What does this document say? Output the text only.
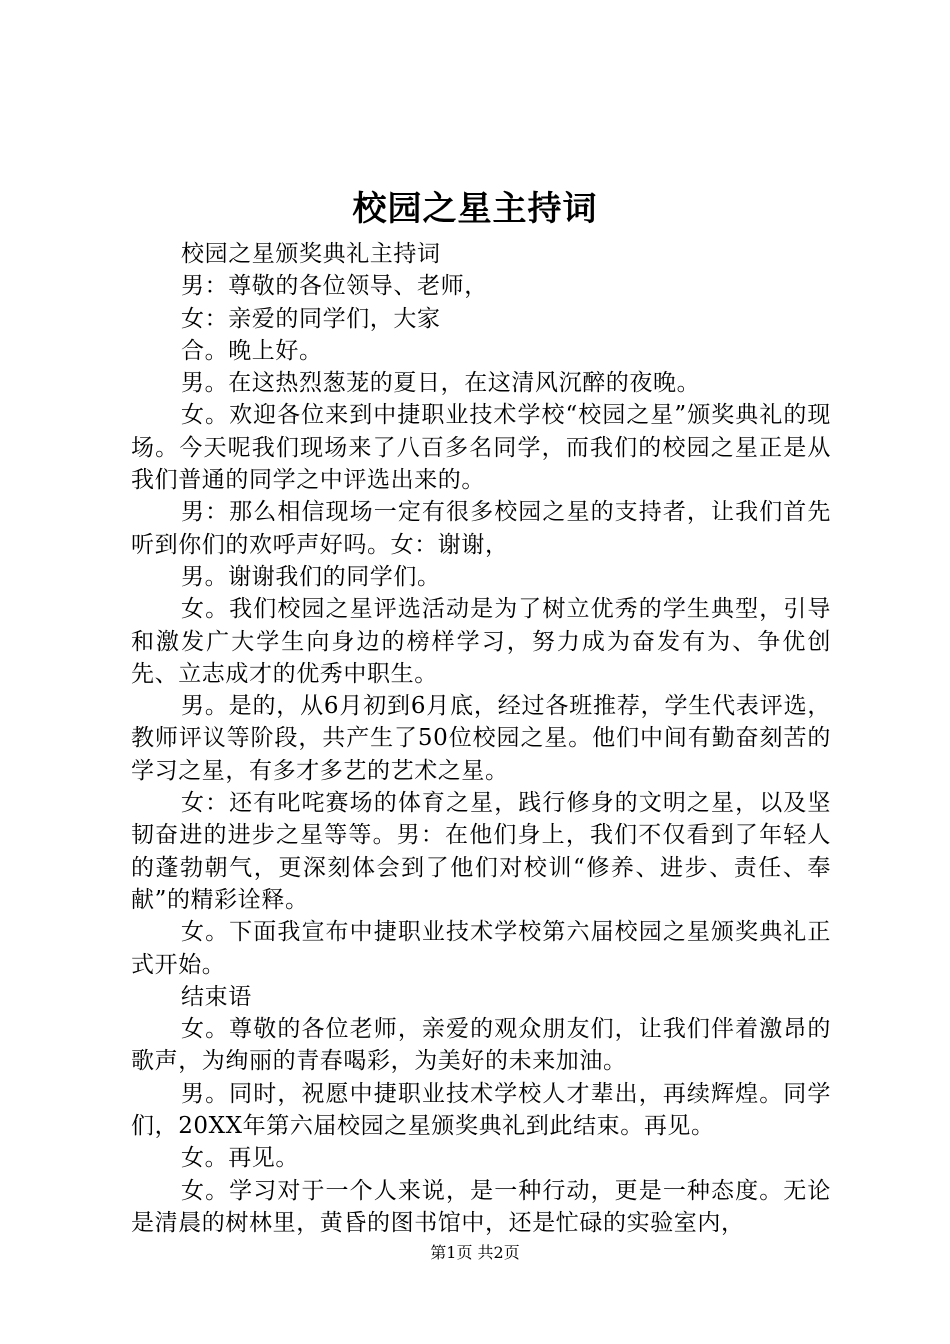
校园之星主持词

校园之星颁奖典礼主持词

男：尊敬的各位领导、老师，

女：亲爱的同学们，大家

合。晚上好。

男。在这热烈葱茏的夏日，在这清风沉醉的夜晚。

女。欢迎各位来到中捷职业技术学校“校园之星”颁奖典礼的现场。今天呢我们现场来了八百多名同学，而我们的校园之星正是从我们普通的同学之中评选出来的。

男：那么相信现场一定有很多校园之星的支持者，让我们首先听到你们的欢呼声好吗。女：谢谢，

男。谢谢我们的同学们。

女。我们校园之星评选活动是为了树立优秀的学生典型，引导和激发广大学生向身边的榜样学习，努力成为奋发有为、争优创先、立志成才的优秀中职生。

男。是的，从6月初到6月底，经过各班推荐，学生代表评选，教师评议等阶段，共产生了50位校园之星。他们中间有勤奋刻苦的学习之星，有多才多艺的艺术之星。

女：还有叱咤赛场的体育之星，践行修身的文明之星，以及坚韧奋进的进步之星等等。男：在他们身上，我们不仅看到了年轻人的蓬勃朝气，更深刻体会到了他们对校训“修养、进步、责任、奉献”的精彩诠释。

女。下面我宣布中捷职业技术学校第六届校园之星颁奖典礼正式开始。

结束语

女。尊敬的各位老师，亲爱的观众朋友们，让我们伴着激昂的歌声，为绚丽的青春喝彩，为美好的未来加油。

男。同时，祝愿中捷职业技术学校人才辈出，再续辉煌。同学们，20XX年第六届校园之星颁奖典礼到此结束。再见。

女。再见。

女。学习对于一个人来说，是一种行动，更是一种态度。无论是清晨的树林里，黄昏的图书馆中，还是忙碌的实验室内，

第1页 共2页
